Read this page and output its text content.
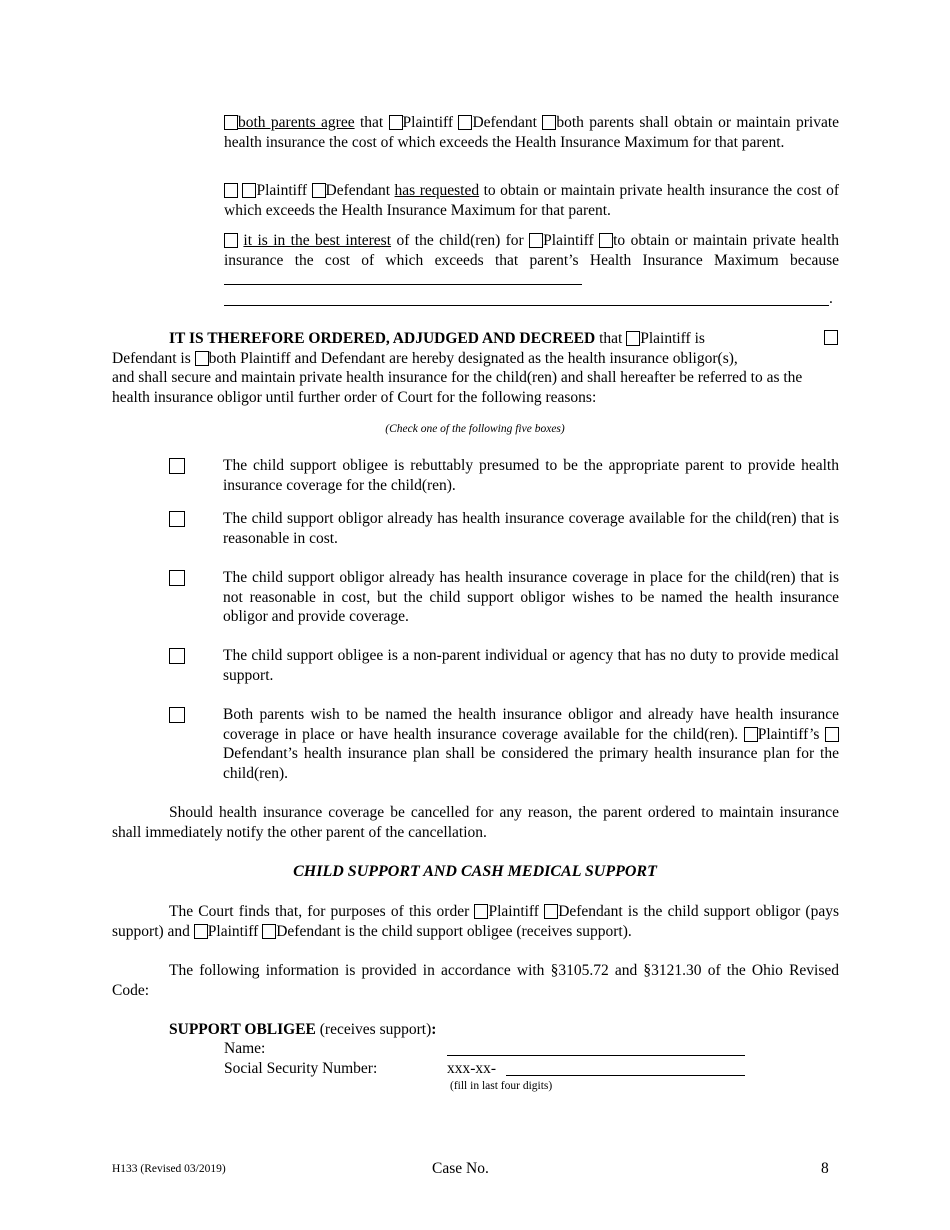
both parents agree that Plaintiff Defendant both parents shall obtain or maintain private health insurance the cost of which exceeds the Health Insurance Maximum for that parent.
Plaintiff Defendant has requested to obtain or maintain private health insurance the cost of which exceeds the Health Insurance Maximum for that parent.
it is in the best interest of the child(ren) for Plaintiff to obtain or maintain private health insurance the cost of which exceeds that parent’s Health Insurance Maximum because
.
IT IS THEREFORE ORDERED, ADJUDGED AND DECREED that Plaintiff is
Defendant is both Plaintiff and Defendant are hereby designated as the health insurance obligor(s),
and shall secure and maintain private health insurance for the child(ren) and shall hereafter be referred to as the health insurance obligor until further order of Court for the following reasons:
(Check one of the following five boxes)
The child support obligee is rebuttably presumed to be the appropriate parent to provide health insurance coverage for the child(ren).
The child support obligor already has health insurance coverage available for the child(ren) that is reasonable in cost.
The child support obligor already has health insurance coverage in place for the child(ren) that is not reasonable in cost, but the child support obligor wishes to be named the health insurance obligor and provide coverage.
The child support obligee is a non-parent individual or agency that has no duty to provide medical support.
Both parents wish to be named the health insurance obligor and already have health insurance coverage in place or have health insurance coverage available for the child(ren). Plaintiff’s Defendant’s health insurance plan shall be considered the primary health insurance plan for the child(ren).
Should health insurance coverage be cancelled for any reason, the parent ordered to maintain insurance shall immediately notify the other parent of the cancellation.
CHILD SUPPORT AND CASH MEDICAL SUPPORT
The Court finds that, for purposes of this order Plaintiff Defendant is the child support obligor (pays support) and Plaintiff Defendant is the child support obligee (receives support).
The following information is provided in accordance with §3105.72 and §3121.30 of the Ohio Revised Code:
SUPPORT OBLIGEE (receives support):
Name:
Social Security Number:	xxx-xx-
(fill in last four digits)
H133 (Revised 03/2019)	Case No.	8
